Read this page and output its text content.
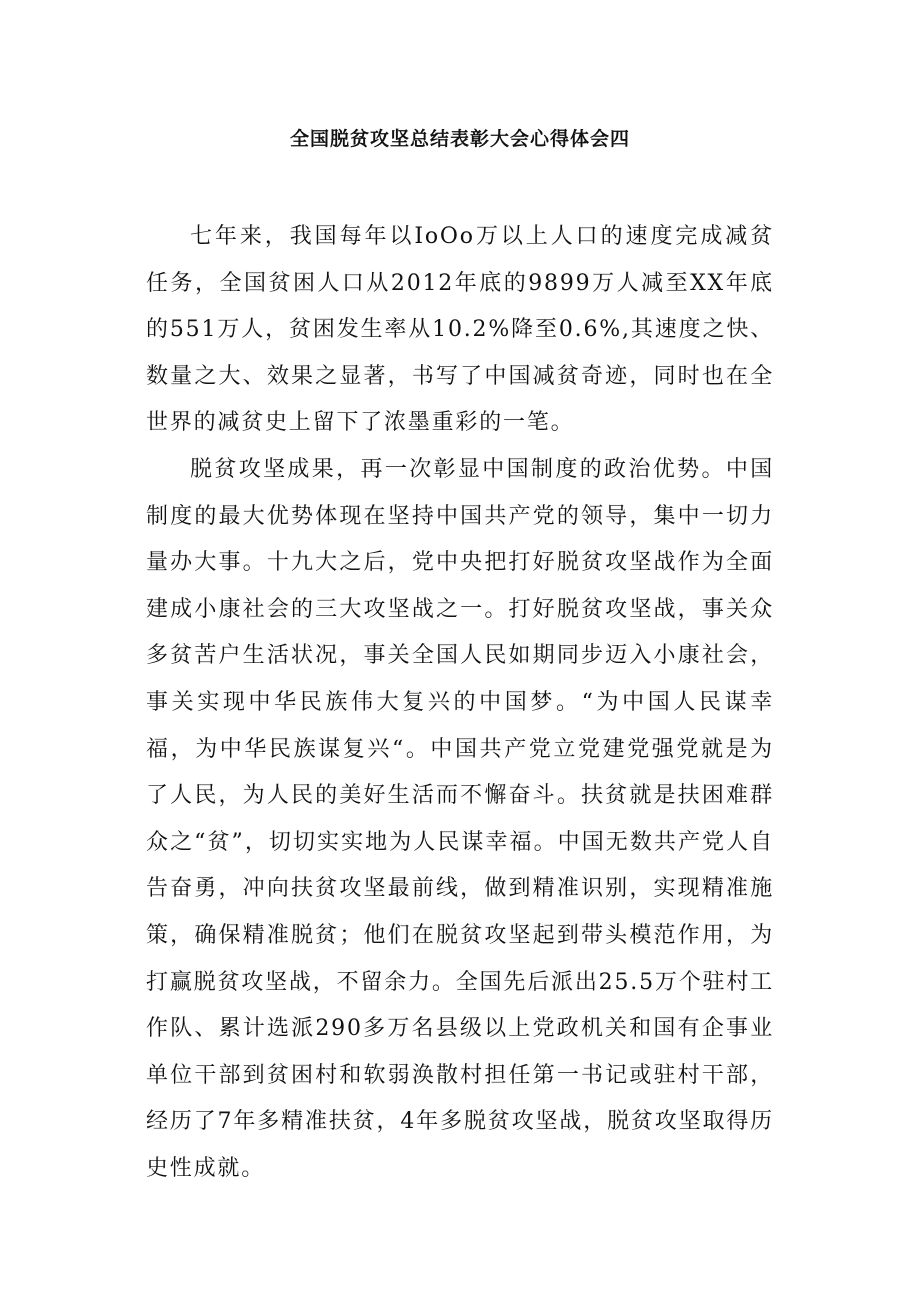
全国脱贫攻坚总结表彰大会心得体会四

七年来，我国每年以IoOo万以上人口的速度完成减贫任务，全国贫困人口从2012年底的9899万人减至XX年底的551万人，贫困发生率从10.2%降至0.6%,其速度之快、数量之大、效果之显著，书写了中国减贫奇迹，同时也在全世界的减贫史上留下了浓墨重彩的一笔。

脱贫攻坚成果，再一次彰显中国制度的政治优势。中国制度的最大优势体现在坚持中国共产党的领导，集中一切力量办大事。十九大之后，党中央把打好脱贫攻坚战作为全面建成小康社会的三大攻坚战之一。打好脱贫攻坚战，事关众多贫苦户生活状况，事关全国人民如期同步迈入小康社会，事关实现中华民族伟大复兴的中国梦。“为中国人民谋幸福，为中华民族谋复兴“。中国共产党立党建党强党就是为了人民，为人民的美好生活而不懈奋斗。扶贫就是扶困难群众之“贫”，切切实实地为人民谋幸福。中国无数共产党人自告奋勇，冲向扶贫攻坚最前线，做到精准识别，实现精准施策，确保精准脱贫；他们在脱贫攻坚起到带头模范作用，为打赢脱贫攻坚战，不留余力。全国先后派出25.5万个驻村工作队、累计选派290多万名县级以上党政机关和国有企事业单位干部到贫困村和软弱涣散村担任第一书记或驻村干部，经历了7年多精准扶贫，4年多脱贫攻坚战，脱贫攻坚取得历史性成就。
